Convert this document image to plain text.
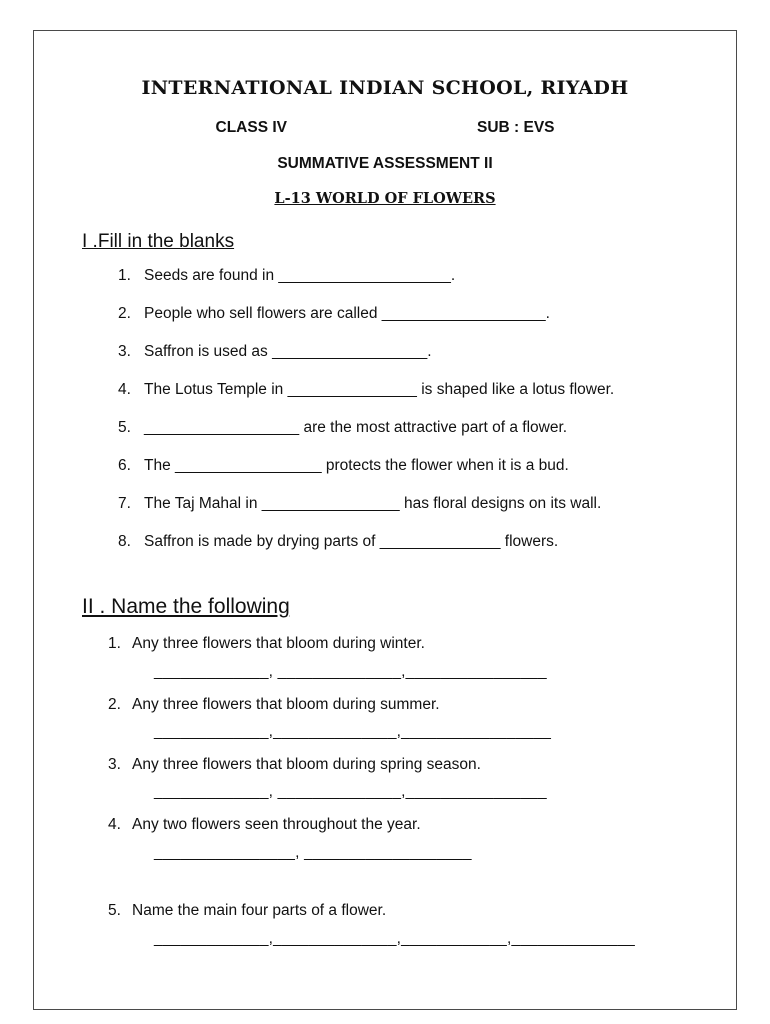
INTERNATIONAL INDIAN SCHOOL, RIYADH
CLASS IV	SUB : EVS
SUMMATIVE ASSESSMENT II
L-13 WORLD OF FLOWERS
I .Fill in the blanks
1. Seeds are found in ____________________.
2. People who sell flowers are called ___________________.
3. Saffron is used as __________________.
4. The Lotus Temple in _______________ is shaped like a lotus flower.
5. __________________ are the most attractive part of a flower.
6. The _________________ protects the flower when it is a bud.
7. The Taj Mahal in ________________ has floral designs on its wall.
8. Saffron is made by drying parts of ______________ flowers.
II . Name the following
1. Any three flowers that bloom during winter.
_____________, ______________,________________
2. Any three flowers that bloom during summer.
_____________,______________,_________________
3. Any three flowers that bloom during spring season.
_____________, ______________,________________
4. Any two flowers seen throughout the year.
________________, ___________________
5. Name the main four parts of a flower.
_____________,______________,____________,______________
